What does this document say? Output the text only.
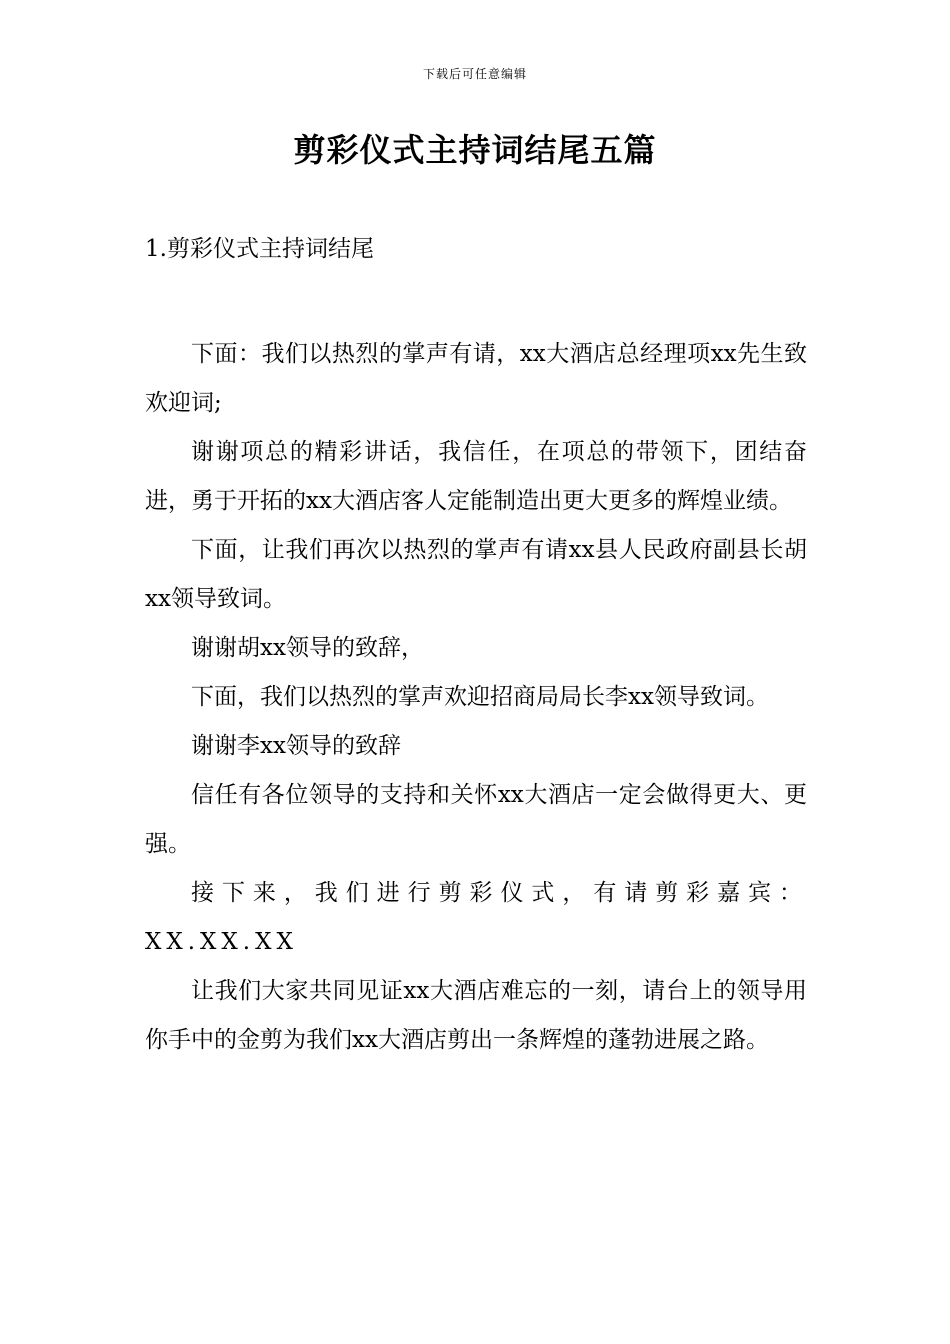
下载后可任意编辑
剪彩仪式主持词结尾五篇
1.剪彩仪式主持词结尾

下面：我们以热烈的掌声有请，xx大酒店总经理项xx先生致欢迎词;

谢谢项总的精彩讲话，我信任，在项总的带领下，团结奋进，勇于开拓的xx大酒店客人定能制造出更大更多的辉煌业绩。

下面，让我们再次以热烈的掌声有请xx县人民政府副县长胡xx领导致词。

谢谢胡xx领导的致辞，

下面，我们以热烈的掌声欢迎招商局局长李xx领导致词。

谢谢李xx领导的致辞

信任有各位领导的支持和关怀xx大酒店一定会做得更大、更强。

接下来，我们进行剪彩仪式，有请剪彩嘉宾：XX.XX.XX

让我们大家共同见证xx大酒店难忘的一刻，请台上的领导用你手中的金剪为我们xx大酒店剪出一条辉煌的蓬勃进展之路。
